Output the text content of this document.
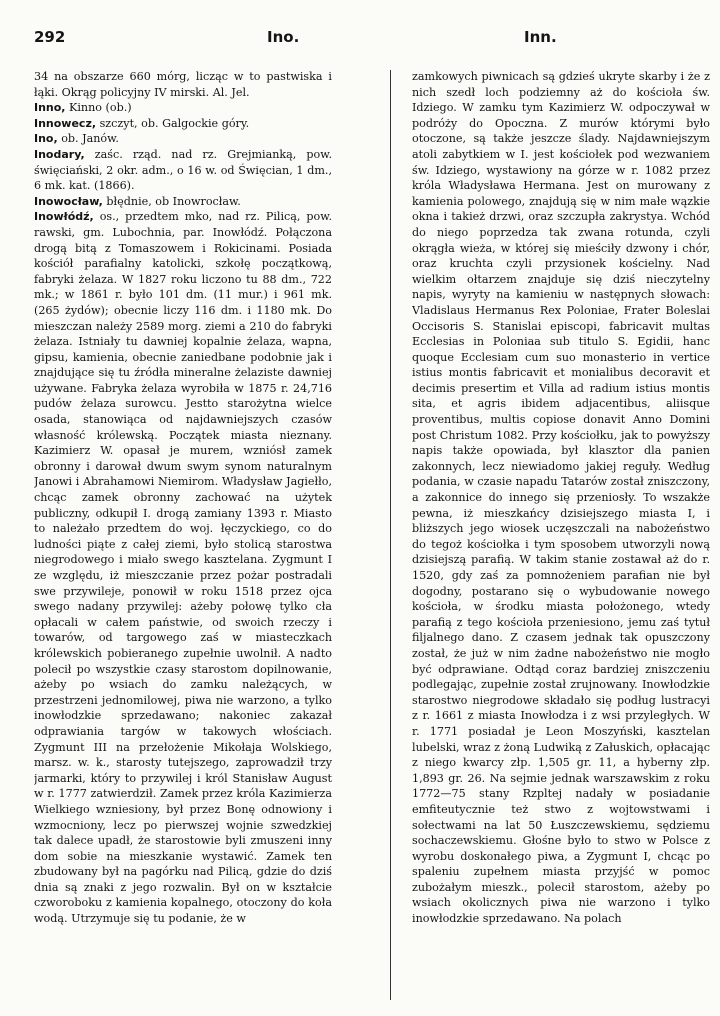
292	Ino.	Inn.

34 na obszarze 660 mórg, licząc w to pastwiska i łąki. Okrąg policyjny IV mirski. Al. Jel.

Inno, Kinno (ob.)

Innowecz, szczyt, ob. Galgockie góry.

Ino, ob. Janów.

Inodary, zaśc. rząd. nad rz. Grejmianką, pow. święciański, 2 okr. adm., o 16 w. od Święcian, 1 dm., 6 mk. kat. (1866).

Inowocław, błędnie, ob Inowrocław.

Inowłódź, os., przedtem mko, nad rz. Pilicą, pow. rawski, gm. Lubochnia, par. Inowłódź. Połączona drogą bitą z Tomaszowem i Rokicinami. Posiada kościół parafialny katolicki, szkołę początkową, fabryki żelaza. W 1827 roku liczono tu 88 dm., 722 mk.; w 1861 r. było 101 dm. (11 mur.) i 961 mk. (265 żydów); obecnie liczy 116 dm. i 1180 mk. Do mieszczan należy 2589 morg. ziemi a 210 do fabryki żelaza. Istniały tu dawniej kopalnie żelaza, wapna, gipsu, kamienia, obecnie zaniedbane podobnie jak i znajdujące się tu źródła mineralne żelaziste dawniej używane. Fabryka żelaza wyrobiła w 1875 r. 24,716 pudów żelaza surowcu. Jestto starożytna wielce osada, stanowiąca od najdawniejszych czasów własność królewską. Początek miasta nieznany. Kazimierz W. opasał je murem, wzniósł zamek obronny i darował dwum swym synom naturalnym Janowi i Abrahamowi Niemirom. Władysław Jagiełło, chcąc zamek obronny zachować na użytek publiczny, odkupił I. drogą zamiany 1393 r. Miasto to należało przedtem do woj. łęczyckiego, co do ludności piąte z całej ziemi, było stolicą starostwa niegrodowego i miało swego kasztelana. Zygmunt I ze względu, iż mieszczanie przez pożar postradali swe przywileje, ponowił w roku 1518 przez ojca swego nadany przywilej: ażeby połowę tylko cła opłacali w całem państwie, od swoich rzeczy i towarów, od targowego zaś w miasteczkach królewskich pobieranego zupełnie uwolnił. A nadto polecił po wszystkie czasy starostom dopilnowanie, ażeby po wsiach do zamku należących, w przestrzeni jednomilowej, piwa nie warzono, a tylko inowłodzkie sprzedawano; nakoniec zakazał odprawiania targów w takowych włościach. Zygmunt III na przełożenie Mikołaja Wolskiego, marsz. w. k., starosty tutejszego, zaprowadził trzy jarmarki, który to przywilej i król Stanisław August w r. 1777 zatwierdził. Zamek przez króla Kazimierza Wielkiego wzniesiony, był przez Bonę odnowiony i wzmocniony, lecz po pierwszej wojnie szwedzkiej tak dalece upadł, że starostowie byli zmuszeni inny dom sobie na mieszkanie wystawić. Zamek ten zbudowany był na pagórku nad Pilicą, gdzie do dziś dnia są znaki z jego rozwalin. Był on w kształcie czworoboku z kamienia kopalnego, otoczony do koła wodą. Utrzymuje się tu podanie, że w

zamkowych piwnicach są gdzieś ukryte skarby i że z nich szedł loch podziemny aż do kościoła św. Idziego. W zamku tym Kazimierz W. odpoczywał w podróży do Opoczna. Z murów którymi było otoczone, są także jeszcze ślady. Najdawniejszym atoli zabytkiem w I. jest kościołek pod wezwaniem św. Idziego, wystawiony na górze w r. 1082 przez króla Władysława Hermana. Jest on murowany z kamienia polowego, znajdują się w nim małe wązkie okna i takież drzwi, oraz szczupła zakrystya. Wchód do niego poprzedza tak zwana rotunda, czyli okrągła wieża, w której się mieściły dzwony i chór, oraz kruchta czyli przysionek kościelny. Nad wielkim ołtarzem znajduje się dziś nieczytelny napis, wyryty na kamieniu w następnych słowach: Vladislaus Hermanus Rex Poloniae, Frater Boleslai Occisoris S. Stanislai episcopi, fabricavit multas Ecclesias in Poloniaa sub titulo S. Egidii, hanc quoque Ecclesiam cum suo monasterio in vertice istius montis fabricavit et monialibus decoravit et decimis presertim et Villa ad radium istius montis sita, et agris ibidem adjacentibus, aliisque proventibus, multis copiose donavit Anno Domini post Christum 1082. Przy kościołku, jak to powyższy napis także opowiada, był klasztor dla panien zakonnych, lecz niewiadomo jakiej reguły. Według podania, w czasie napadu Tatarów został zniszczony, a zakonnice do innego się przeniosły. To wszakże pewna, iż mieszkańcy dzisiejszego miasta I, i bliższych jego wiosek uczęszczali na nabożeństwo do tegoż kościołka i tym sposobem utworzyli nową dzisiejszą parafią. W takim stanie zostawał aż do r. 1520, gdy zaś za pomnożeniem parafian nie był dogodny, postarano się o wybudowanie nowego kościoła, w środku miasta położonego, wtedy parafią z tego kościoła przeniesiono, jemu zaś tytuł filjalnego dano. Z czasem jednak tak opuszczony został, że już w nim żadne nabożeństwo nie mogło być odprawiane. Odtąd coraz bardziej zniszczeniu podlegając, zupełnie został zrujnowany. Inowłodzkie starostwo niegrodowe składało się podług lustracyi z r. 1661 z miasta Inowłodza i z wsi przyległych. W r. 1771 posiadał je Leon Moszyński, kasztelan lubelski, wraz z żoną Ludwiką z Załuskich, opłacając z niego kwarcy złp. 1,505 gr. 11, a hyberny złp. 1,893 gr. 26. Na sejmie jednak warszawskim z roku 1772—75 stany Rzpltej nadały w posiadanie emfiteutycznie też stwo z wojtowstwami i sołectwami na lat 50 Łuszczewskiemu, sędziemu sochaczewskiemu. Głośne było to stwo w Polsce z wyrobu doskonałego piwa, a Zygmunt I, chcąc po spaleniu zupełnem miasta przyjść w pomoc zubożałym mieszk., polecił starostom, ażeby po wsiach okolicznych piwa nie warzono i tylko inowłodzkie sprzedawano. Na polach
